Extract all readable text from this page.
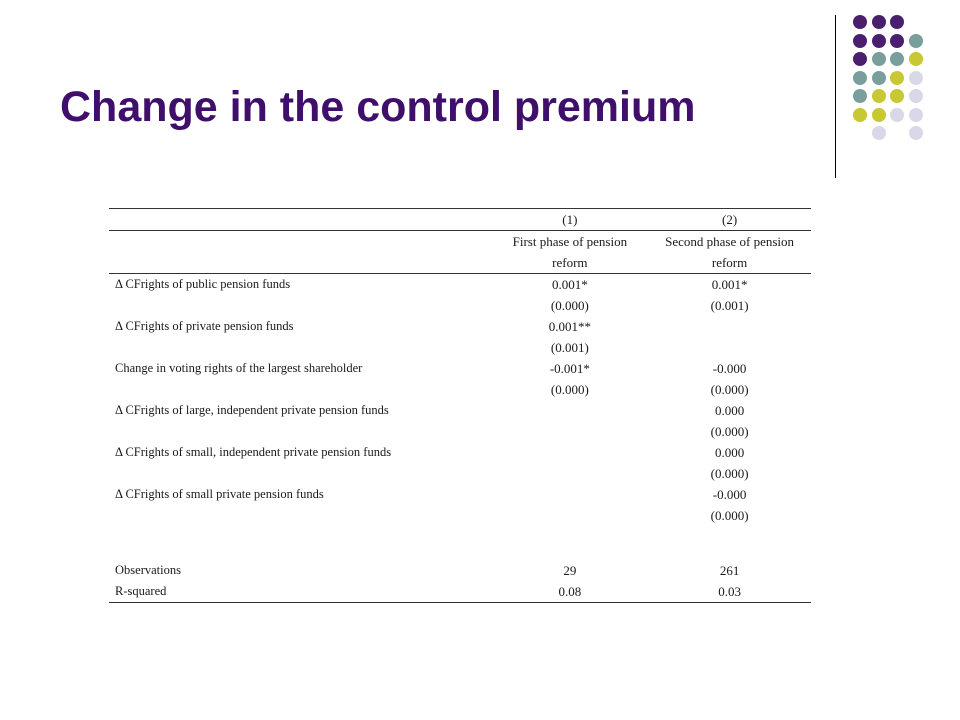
Change in the control premium
	(1)	(2)
	First phase of pension	Second phase of pension
	reform	reform
Δ CFrights of public pension funds	0.001*	0.001*
	(0.000)	(0.001)
Δ CFrights of private pension funds	0.001**	
	(0.001)	
Change in voting rights of the largest shareholder	-0.001*	-0.000
	(0.000)	(0.000)
Δ CFrights of large, independent private pension funds		0.000
		(0.000)
Δ CFrights of small, independent private pension funds		0.000
		(0.000)
Δ CFrights of small private pension funds		-0.000
		(0.000)

Observations	29	261
R-squared	0.08	0.03
